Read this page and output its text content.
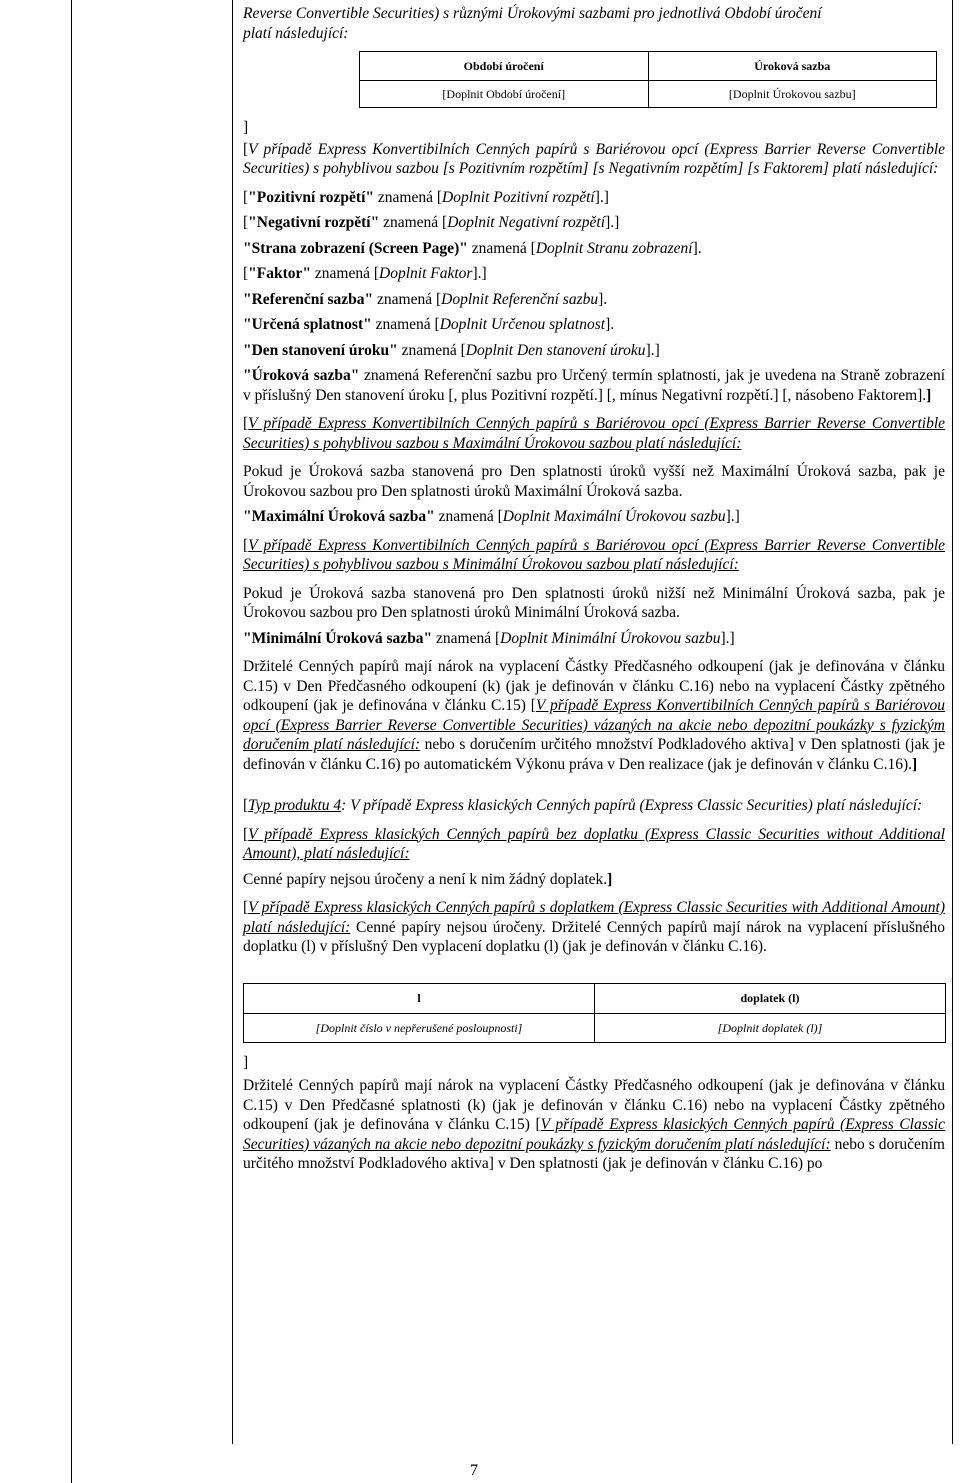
Reverse Convertible Securities) s různými Úrokovými sazbami pro jednotlivá Období úročení
platí následující:

Období úročení	Úroková sazba
[Doplnit Období úročení]	[Doplnit Úrokovou sazbu]
]

[V případě Express Konvertibilních Cenných papírů s Bariérovou opcí (Express Barrier Reverse Convertible Securities) s pohyblivou sazbou [s Pozitivním rozpětím] [s Negativním rozpětím] [s Faktorem] platí následující:

["Pozitivní rozpětí" znamená [Doplnit Pozitivní rozpětí].]

["Negativní rozpětí" znamená [Doplnit Negativní rozpětí].]

"Strana zobrazení (Screen Page)" znamená [Doplnit Stranu zobrazení].

["Faktor" znamená [Doplnit Faktor].]

"Referenční sazba" znamená [Doplnit Referenční sazbu].

"Určená splatnost" znamená [Doplnit Určenou splatnost].

"Den stanovení úroku" znamená [Doplnit Den stanovení úroku].]

"Úroková sazba" znamená Referenční sazbu pro Určený termín splatnosti, jak je uvedena na Straně zobrazení v příslušný Den stanovení úroku [, plus Pozitivní rozpětí.] [, mínus Negativní rozpětí.] [, násobeno Faktorem].]

[V případě Express Konvertibilních Cenných papírů s Bariérovou opcí (Express Barrier Reverse Convertible Securities) s pohyblivou sazbou s Maximální Úrokovou sazbou platí následující:

Pokud je Úroková sazba stanovená pro Den splatnosti úroků vyšší než Maximální Úroková sazba, pak je Úrokovou sazbou pro Den splatnosti úroků Maximální Úroková sazba.

"Maximální Úroková sazba" znamená [Doplnit Maximální Úrokovou sazbu].]

[V případě Express Konvertibilních Cenných papírů s Bariérovou opcí (Express Barrier Reverse Convertible Securities) s pohyblivou sazbou s Minimální Úrokovou sazbou platí následující:

Pokud je Úroková sazba stanovená pro Den splatnosti úroků nižší než Minimální Úroková sazba, pak je Úrokovou sazbou pro Den splatnosti úroků Minimální Úroková sazba.

"Minimální Úroková sazba" znamená [Doplnit Minimální Úrokovou sazbu].]

Držitelé Cenných papírů mají nárok na vyplacení Částky Předčasného odkoupení (jak je definována v článku C.15) v Den Předčasného odkoupení (k) (jak je definován v článku C.16) nebo na vyplacení Částky zpětného odkoupení (jak je definována v článku C.15) [V případě Express Konvertibilních Cenných papírů s Bariérovou opcí (Express Barrier Reverse Convertible Securities) vázaných na akcie nebo depozitní poukázky s fyzickým doručením platí následující: nebo s doručením určitého množství Podkladového aktiva] v Den splatnosti (jak je definován v článku C.16) po automatickém Výkonu práva v Den realizace (jak je definován v článku C.16).]

[Typ produktu 4: V případě Express klasických Cenných papírů (Express Classic Securities) platí následující:

[V případě Express klasických Cenných papírů bez doplatku (Express Classic Securities without Additional Amount), platí následující:

Cenné papíry nejsou úročeny a není k nim žádný doplatek.]

[V případě Express klasických Cenných papírů s doplatkem (Express Classic Securities with Additional Amount) platí následující: Cenné papíry nejsou úročeny. Držitelé Cenných papírů mají nárok na vyplacení příslušného doplatku (l) v příslušný Den vyplacení doplatku (l) (jak je definován v článku C.16).

l	doplatek (l)
[Doplnit číslo v nepřerušené posloupnosti]	[Doplnit doplatek (l)]
]

Držitelé Cenných papírů mají nárok na vyplacení Částky Předčasného odkoupení (jak je definována v článku C.15) v Den Předčasné splatnosti (k) (jak je definován v článku C.16) nebo na vyplacení Částky zpětného odkoupení (jak je definována v článku C.15) [V případě Express klasických Cenných papírů (Express Classic Securities) vázaných na akcie nebo depozitní poukázky s fyzickým doručením platí následující: nebo s doručením určitého množství Podkladového aktiva] v Den splatnosti (jak je definován v článku C.16) po

7
